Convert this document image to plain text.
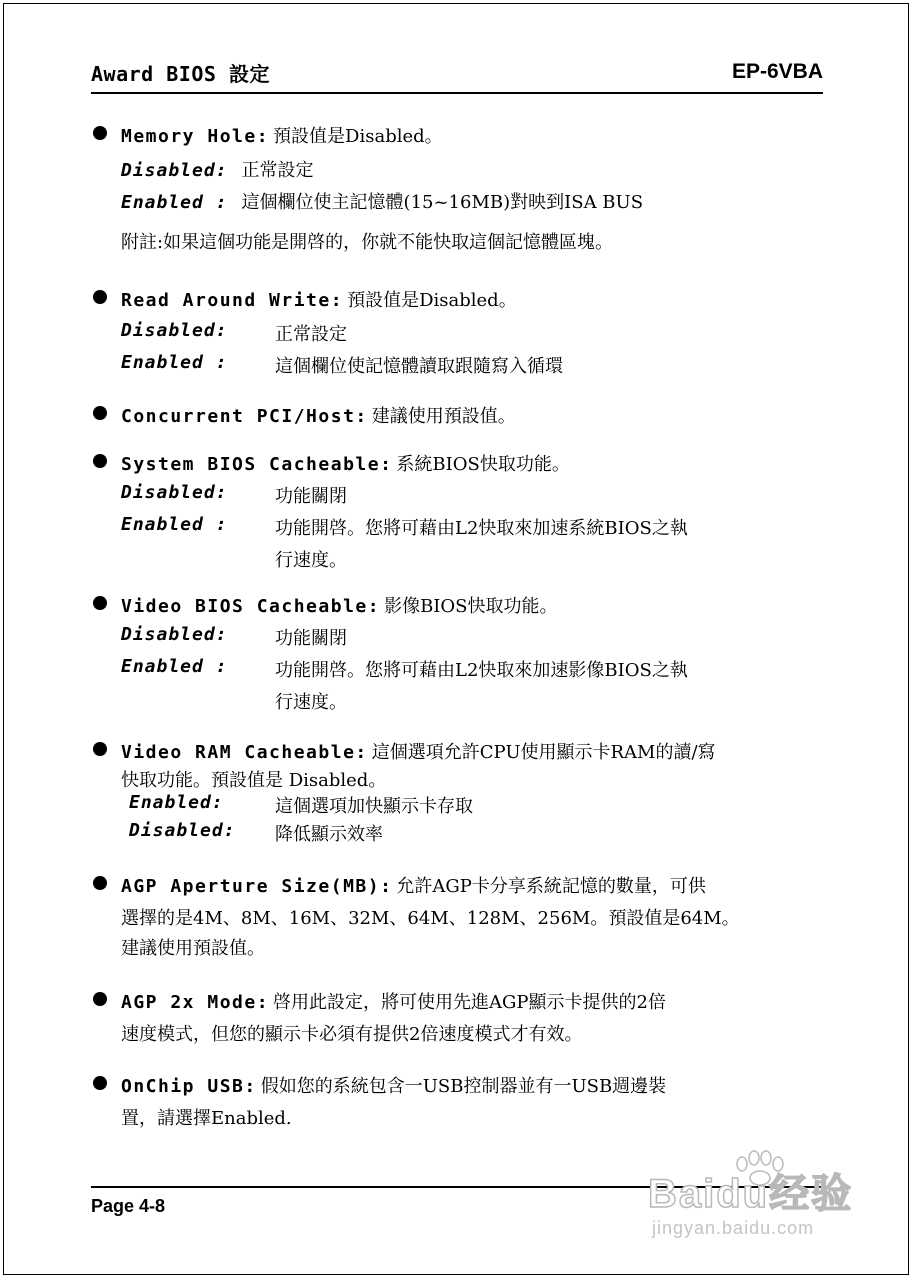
Award BIOS 設定	EP-6VBA
Memory Hole: 預設值是Disabled。
Disabled: 正常設定
Enabled : 這個欄位使主記憶體(15~16MB)對映到ISA BUS
附註:如果這個功能是開啓的，你就不能快取這個記憶體區塊。
Read Around Write: 預設值是Disabled。
Disabled:	正常設定
Enabled :	這個欄位使記憶體讀取跟隨寫入循環
Concurrent PCI/Host: 建議使用預設值。
System BIOS Cacheable: 系統BIOS快取功能。
Disabled:	功能關閉
Enabled :	功能開啓。您將可藉由L2快取來加速系統BIOS之執
行速度。
Video BIOS Cacheable: 影像BIOS快取功能。
Disabled:	功能關閉
Enabled :	功能開啓。您將可藉由L2快取來加速影像BIOS之執
行速度。
Video RAM Cacheable: 這個選項允許CPU使用顯示卡RAM的讀/寫
快取功能。預設值是 Disabled。
Enabled:	這個選項加快顯示卡存取
Disabled: 降低顯示效率
AGP Aperture Size(MB): 允許AGP卡分享系統記憶的數量，可供
選擇的是4M、8M、16M、32M、64M、128M、256M。預設值是64M。
建議使用預設值。
AGP 2x Mode: 啓用此設定，將可使用先進AGP顯示卡提供的2倍
速度模式，但您的顯示卡必須有提供2倍速度模式才有效。
OnChip USB: 假如您的系統包含一USB控制器並有一USB週邊裝
置，請選擇Enabled.
Page 4-8	Baidu经验
jingyan.baidu.com
